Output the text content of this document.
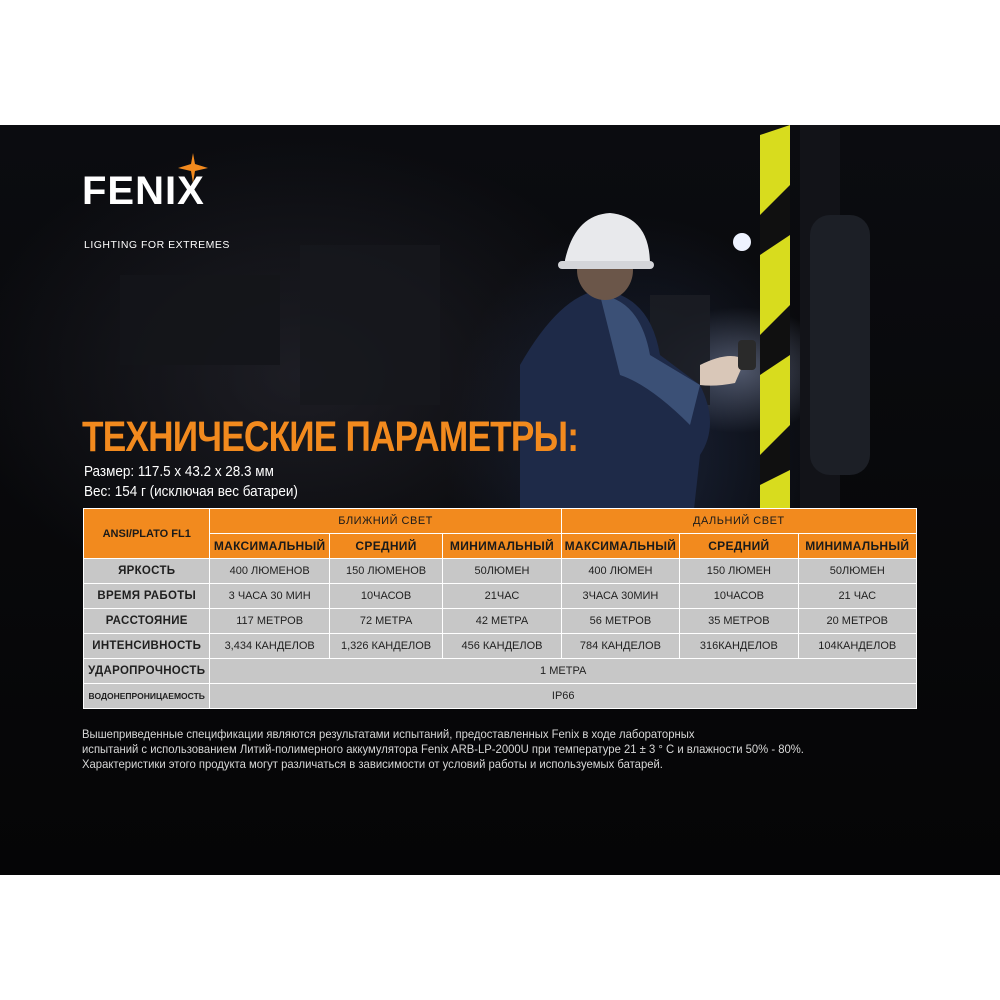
FENIX
LIGHTING FOR EXTREMES
ТЕХНИЧЕСКИЕ ПАРАМЕТРЫ:
Размер: 117.5 x 43.2 x 28.3 мм
Вес: 154 г (исключая вес батареи)
ANSI/PLATO FL1	БЛИЖНИЙ СВЕТ			ДАЛЬНИЙ СВЕТ		
	МАКСИМАЛЬНЫЙ	СРЕДНИЙ	МИНИМАЛЬНЫЙ	МАКСИМАЛЬНЫЙ	СРЕДНИЙ	МИНИМАЛЬНЫЙ
ЯРКОСТЬ	400 ЛЮМЕНОВ	150 ЛЮМЕНОВ	50ЛЮМЕН	400 ЛЮМЕН	150 ЛЮМЕН	50ЛЮМЕН
ВРЕМЯ РАБОТЫ	3 ЧАСА 30 МИН	10ЧАСОВ	21ЧАС	3ЧАСА 30МИН	10ЧАСОВ	21 ЧАС
РАССТОЯНИЕ	117 МЕТРОВ	72 МЕТРА	42 МЕТРА	56 МЕТРОВ	35 МЕТРОВ	20 МЕТРОВ
ИНТЕНСИВНОСТЬ	3,434 КАНДЕЛОВ	1,326 КАНДЕЛОВ	456 КАНДЕЛОВ	784 КАНДЕЛОВ	316КАНДЕЛОВ	104КАНДЕЛОВ
УДАРОПРОЧНОСТЬ	1 МЕТРА					
ВОДОНЕПРОНИЦАЕМОСТЬ	IP66					
Вышеприведенные спецификации являются результатами испытаний, предоставленных Fenix в ходе лабораторных
испытаний с использованием Литий-полимерного аккумулятора Fenix ARB-LP-2000U при температуре 21 ± 3 ° C и влажности 50% - 80%.
Характеристики этого продукта могут различаться в зависимости от условий работы и используемых батарей.
